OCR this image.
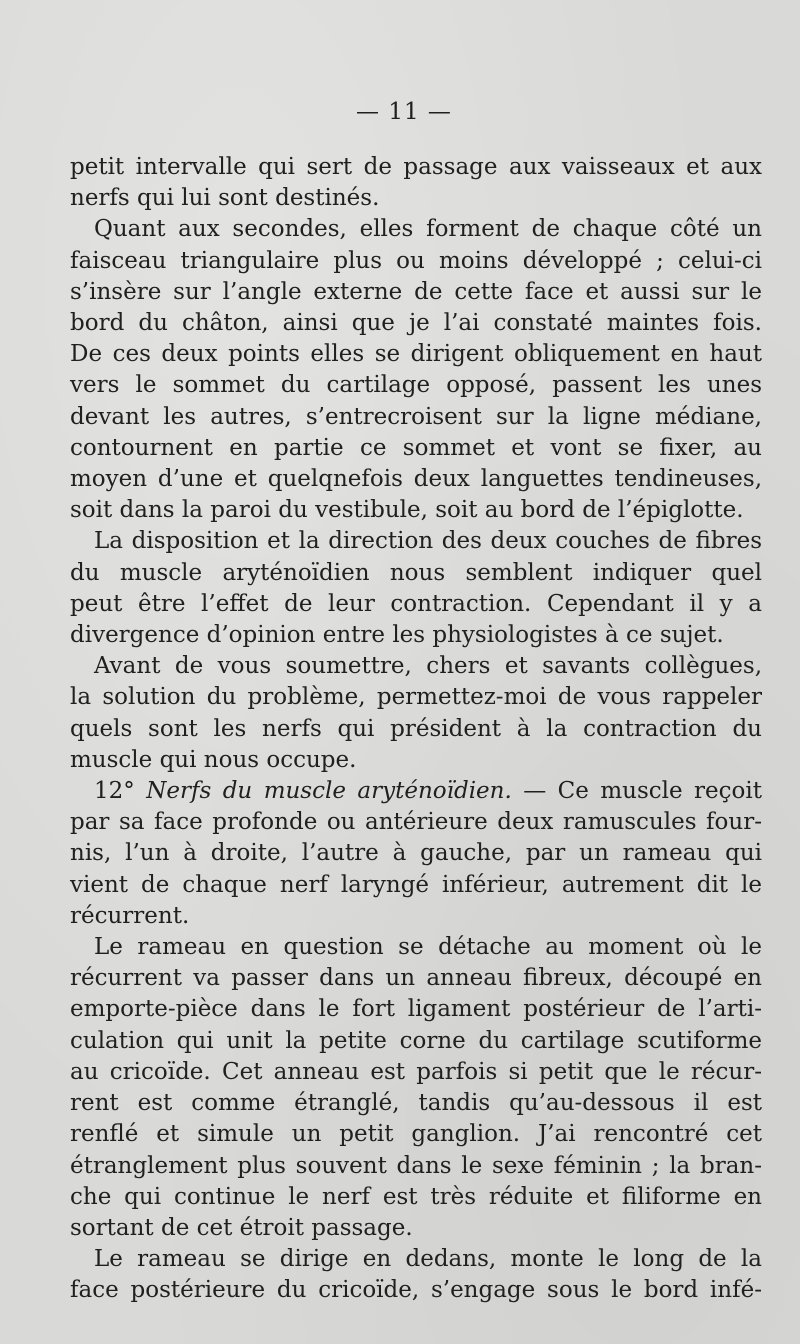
— 11 —
petit intervalle qui sert de passage aux vaisseaux et aux
nerfs qui lui sont destinés.
Quant aux secondes, elles forment de chaque côté un
faisceau triangulaire plus ou moins développé ; celui-ci
s’insère sur l’angle externe de cette face et aussi sur le
bord du châton, ainsi que je l’ai constaté maintes fois.
De ces deux points elles se dirigent obliquement en haut
vers le sommet du cartilage opposé, passent les unes
devant les autres, s’entrecroisent sur la ligne médiane,
contournent en partie ce sommet et vont se fixer, au
moyen d’une et quelqnefois deux languettes tendineuses,
soit dans la paroi du vestibule, soit au bord de l’épiglotte.
La disposition et la direction des deux couches de fibres
du muscle aryténoïdien nous semblent indiquer quel
peut être l’effet de leur contraction. Cependant il y a
divergence d’opinion entre les physiologistes à ce sujet.
Avant de vous soumettre, chers et savants collègues,
la solution du problème, permettez-moi de vous rappeler
quels sont les nerfs qui président à la contraction du
muscle qui nous occupe.
12° Nerfs du muscle aryténoïdien. — Ce muscle reçoit
par sa face profonde ou antérieure deux ramuscules four-
nis, l’un à droite, l’autre à gauche, par un rameau qui
vient de chaque nerf laryngé inférieur, autrement dit le
récurrent.
Le rameau en question se détache au moment où le
récurrent va passer dans un anneau fibreux, découpé en
emporte-pièce dans le fort ligament postérieur de l’arti-
culation qui unit la petite corne du cartilage scutiforme
au cricoïde. Cet anneau est parfois si petit que le récur-
rent est comme étranglé, tandis qu’au-dessous il est
renflé et simule un petit ganglion. J’ai rencontré cet
étranglement plus souvent dans le sexe féminin ; la bran-
che qui continue le nerf est très réduite et filiforme en
sortant de cet étroit passage.
Le rameau se dirige en dedans, monte le long de la
face postérieure du cricoïde, s’engage sous le bord infé-
